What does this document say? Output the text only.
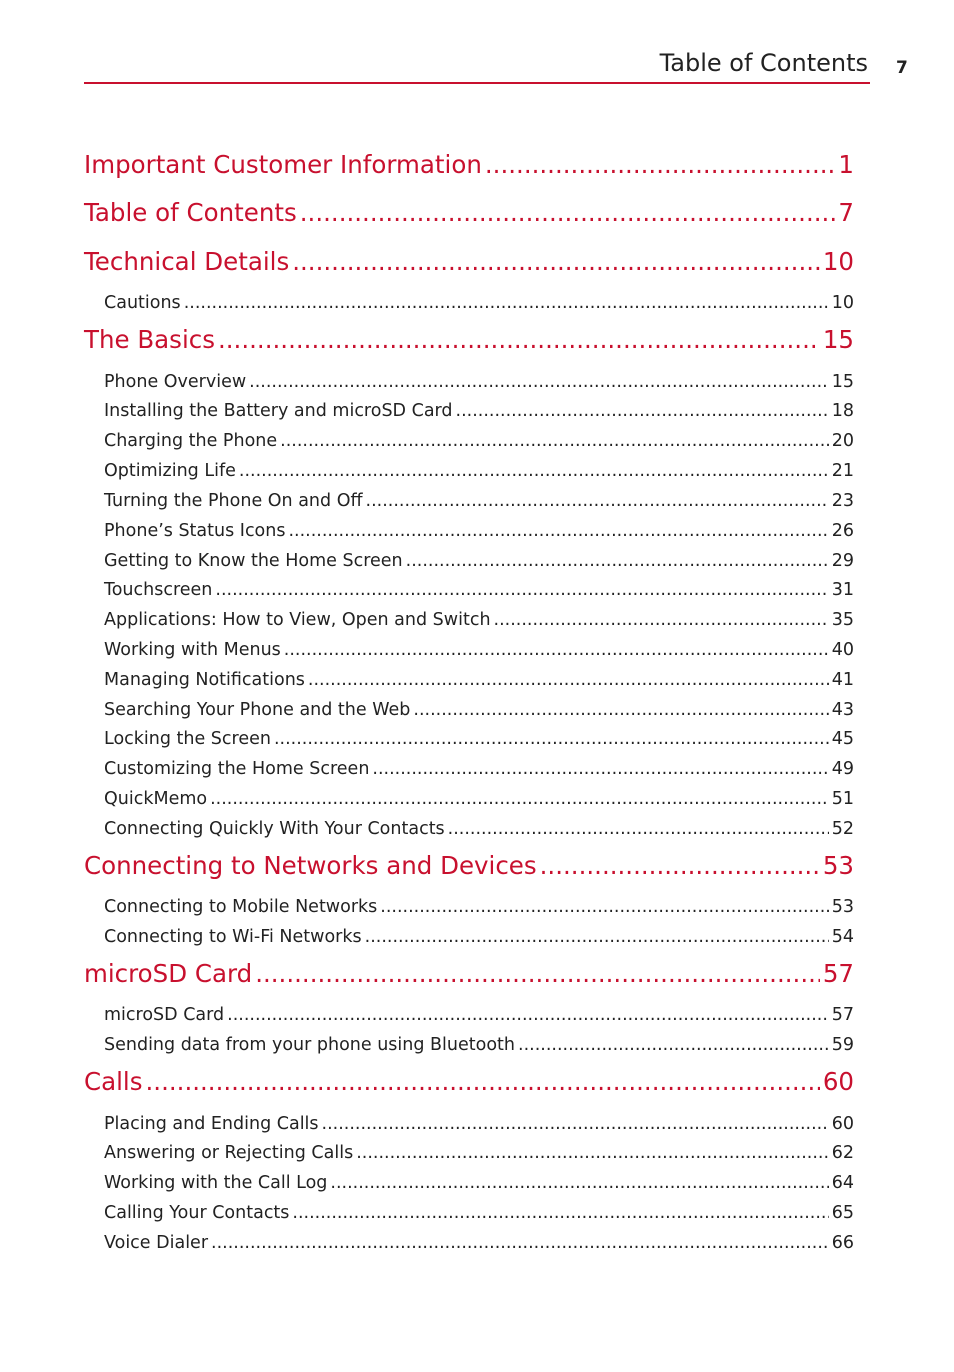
Table of Contents 7
Important Customer Information .....	1
Table of Contents .....	7
Technical Details .....	10
Cautions .....	10
The Basics .....	15
Phone Overview .....	15
Installing the Battery and microSD Card .....	18
Charging the Phone .....	20
Optimizing Life .....	21
Turning the Phone On and Off .....	23
Phone’s Status Icons .....	26
Getting to Know the Home Screen .....	29
Touchscreen .....	31
Applications: How to View, Open and Switch .....	35
Working with Menus .....	40
Managing Notifications .....	41
Searching Your Phone and the Web .....	43
Locking the Screen .....	45
Customizing the Home Screen .....	49
QuickMemo .....	51
Connecting Quickly With Your Contacts .....	52
Connecting to Networks and Devices .....	53
Connecting to Mobile Networks .....	53
Connecting to Wi-Fi Networks .....	54
microSD Card .....	57
microSD Card .....	57
Sending data from your phone using Bluetooth .....	59
Calls .....	60
Placing and Ending Calls .....	60
Answering or Rejecting Calls .....	62
Working with the Call Log .....	64
Calling Your Contacts .....	65
Voice Dialer .....	66
